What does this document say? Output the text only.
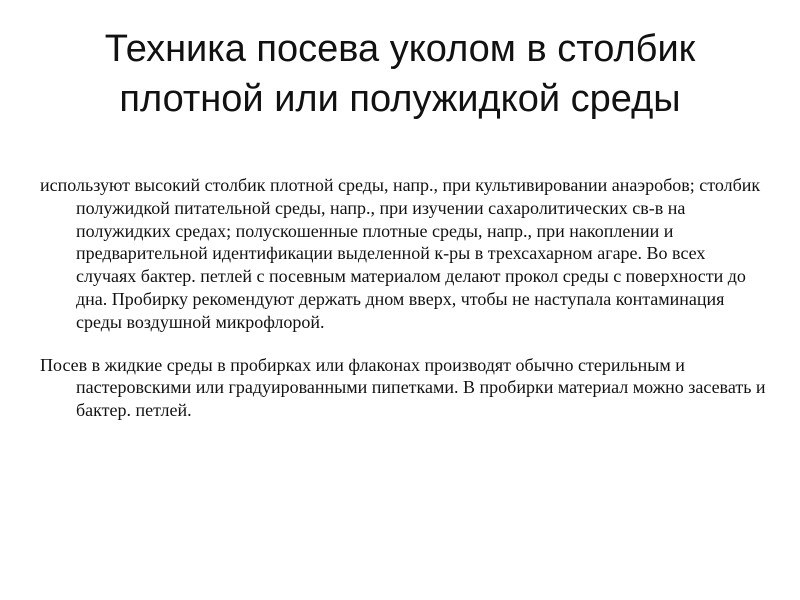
Техника посева уколом в столбик
плотной или полужидкой среды

используют высокий столбик плотной среды, напр., при культивировании анаэробов; столбик полужидкой питательной среды, напр., при изучении сахаролитических св-в на полужидких средах; полускошенные плотные среды, напр., при накоплении и предварительной идентификации выделенной к-ры в трехсахарном агаре. Во всех случаях бактер. петлей с посевным материалом делают прокол среды с поверхности до дна. Пробирку рекомендуют держать дном вверх, чтобы не наступала контаминация среды воздушной микрофлорой.

Посев в жидкие среды в пробирках или флаконах производят обычно стерильным и пастеровскими или градуированными пипетками. В пробирки материал можно засевать и бактер. петлей.
